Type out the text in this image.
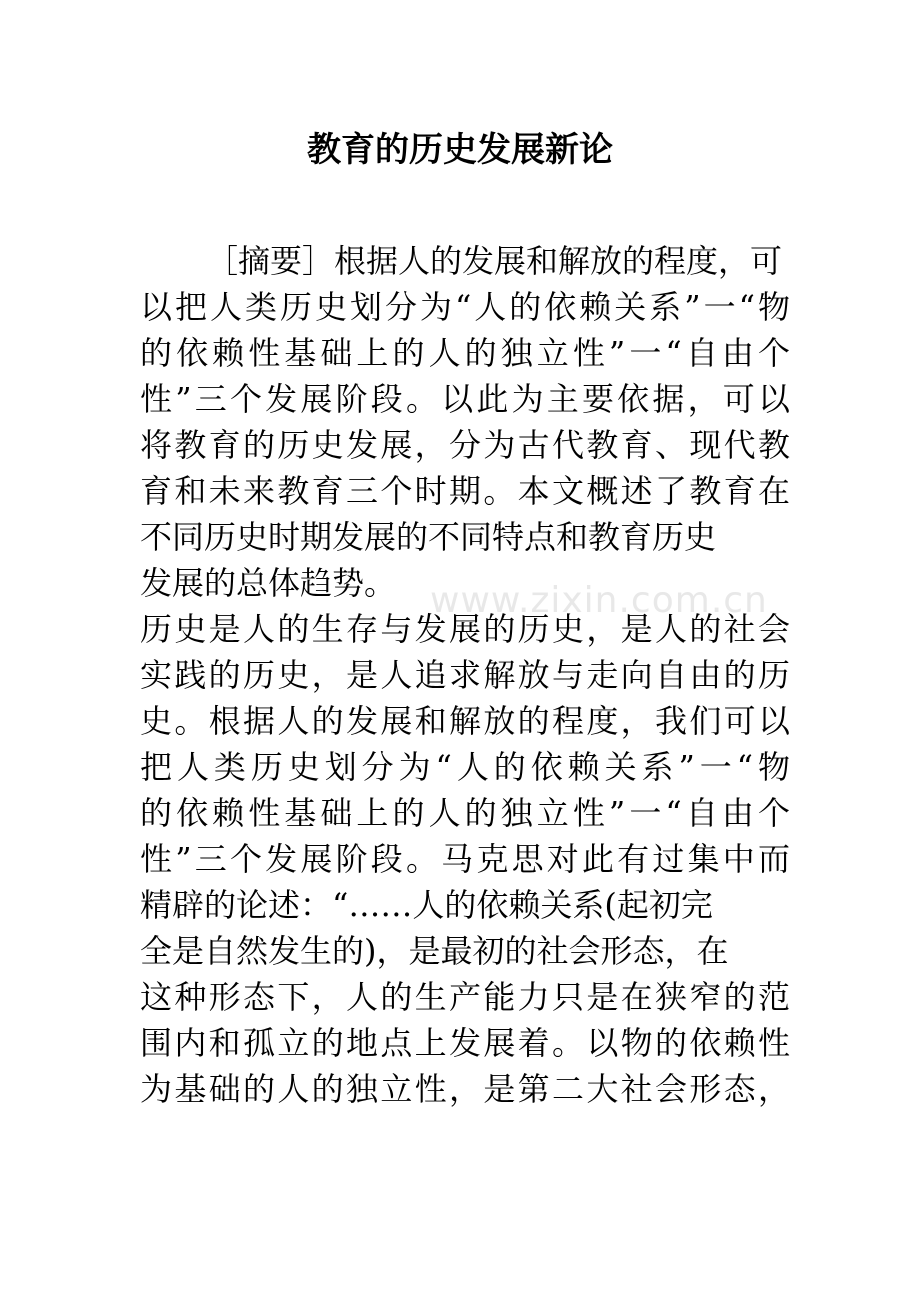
教育的历史发展新论
www.zixin.com.cn
［摘要］根据人的发展和解放的程度，可
以把人类历史划分为“人的依赖关系”一“物
的依赖性基础上的人的独立性”一“自由个
性”三个发展阶段。以此为主要依据，可以
将教育的历史发展，分为古代教育、现代教
育和未来教育三个时期。本文概述了教育在
不同历史时期发展的不同特点和教育历史
发展的总体趋势。
历史是人的生存与发展的历史，是人的社会
实践的历史，是人追求解放与走向自由的历
史。根据人的发展和解放的程度，我们可以
把人类历史划分为“人的依赖关系”一“物
的依赖性基础上的人的独立性”一“自由个
性”三个发展阶段。马克思对此有过集中而
精辟的论述：“……人的依赖关系(起初完
全是自然发生的)，是最初的社会形态，在
这种形态下，人的生产能力只是在狭窄的范
围内和孤立的地点上发展着。以物的依赖性
为基础的人的独立性，是第二大社会形态，
